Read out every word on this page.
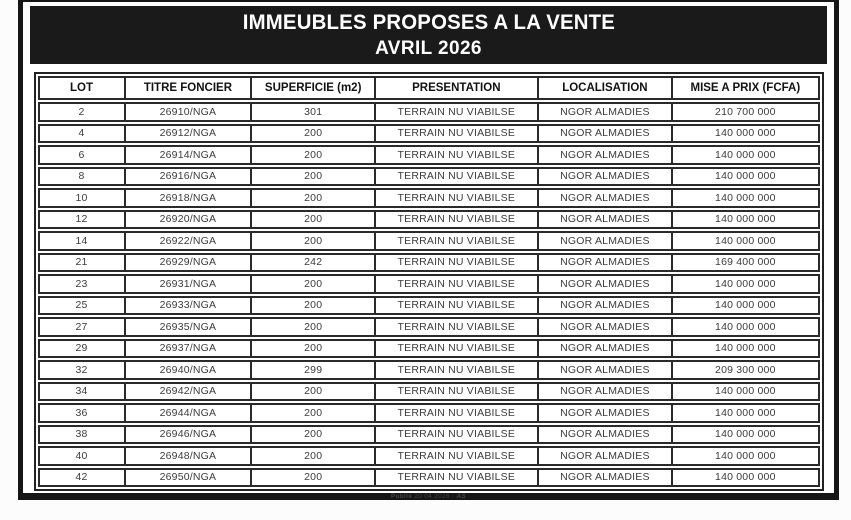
IMMEUBLES PROPOSES A LA VENTE
AVRIL 2026
LOT	TITRE FONCIER	SUPERFICIE (m2)	PRESENTATION	LOCALISATION	MISE A PRIX (FCFA)
2	26910/NGA	301	TERRAIN NU VIABILSE	NGOR ALMADIES	210 700 000
4	26912/NGA	200	TERRAIN NU VIABILSE	NGOR ALMADIES	140 000 000
6	26914/NGA	200	TERRAIN NU VIABILSE	NGOR ALMADIES	140 000 000
8	26916/NGA	200	TERRAIN NU VIABILSE	NGOR ALMADIES	140 000 000
10	26918/NGA	200	TERRAIN NU VIABILSE	NGOR ALMADIES	140 000 000
12	26920/NGA	200	TERRAIN NU VIABILSE	NGOR ALMADIES	140 000 000
14	26922/NGA	200	TERRAIN NU VIABILSE	NGOR ALMADIES	140 000 000
21	26929/NGA	242	TERRAIN NU VIABILSE	NGOR ALMADIES	169 400 000
23	26931/NGA	200	TERRAIN NU VIABILSE	NGOR ALMADIES	140 000 000
25	26933/NGA	200	TERRAIN NU VIABILSE	NGOR ALMADIES	140 000 000
27	26935/NGA	200	TERRAIN NU VIABILSE	NGOR ALMADIES	140 000 000
29	26937/NGA	200	TERRAIN NU VIABILSE	NGOR ALMADIES	140 000 000
32	26940/NGA	299	TERRAIN NU VIABILSE	NGOR ALMADIES	209 300 000
34	26942/NGA	200	TERRAIN NU VIABILSE	NGOR ALMADIES	140 000 000
36	26944/NGA	200	TERRAIN NU VIABILSE	NGOR ALMADIES	140 000 000
38	26946/NGA	200	TERRAIN NU VIABILSE	NGOR ALMADIES	140 000 000
40	26948/NGA	200	TERRAIN NU VIABILSE	NGOR ALMADIES	140 000 000
42	26950/NGA	200	TERRAIN NU VIABILSE	NGOR ALMADIES	140 000 000
Publié 20 04 2026 · AS
